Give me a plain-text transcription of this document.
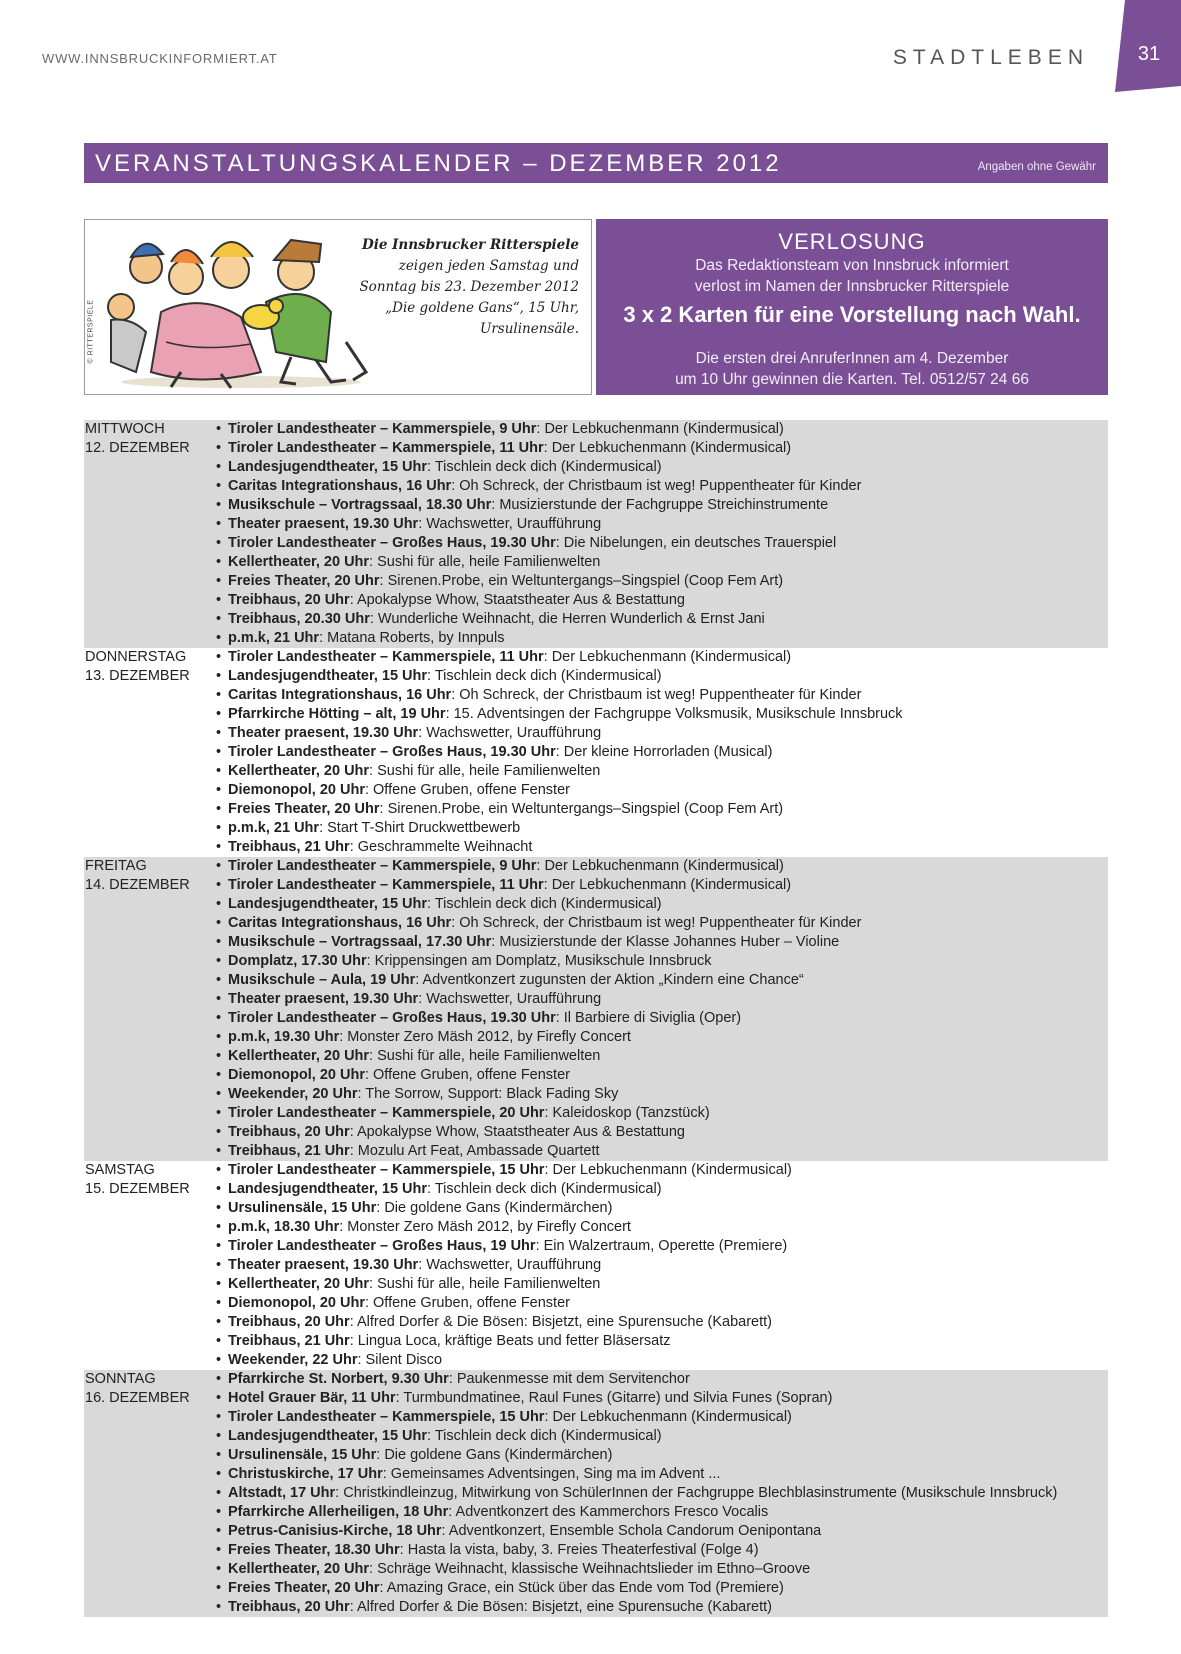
WWW.INNSBRUCKINFORMIERT.AT	STADTLEBEN	31
VERANSTALTUNGSKALENDER – DEZEMBER 2012	Angaben ohne Gewähr
© RITTERSPIELE
Die Innsbrucker Ritterspiele
zeigen jeden Samstag und
Sonntag bis 23. Dezember 2012
„Die goldene Gans“, 15 Uhr,
Ursulinensäle.
VERLOSUNG
Das Redaktionsteam von Innsbruck informiert
verlost im Namen der Innsbrucker Ritterspiele
3 x 2 Karten für eine Vorstellung nach Wahl.
Die ersten drei AnruferInnen am 4. Dezember
um 10 Uhr gewinnen die Karten. Tel. 0512/57 24 66
MITTWOCH
12. DEZEMBER
• Tiroler Landestheater – Kammerspiele, 9 Uhr: Der Lebkuchenmann (Kindermusical)
• Tiroler Landestheater – Kammerspiele, 11 Uhr: Der Lebkuchenmann (Kindermusical)
• Landesjugendtheater, 15 Uhr: Tischlein deck dich (Kindermusical)
• Caritas Integrationshaus, 16 Uhr: Oh Schreck, der Christbaum ist weg! Puppentheater für Kinder
• Musikschule – Vortragssaal, 18.30 Uhr: Musizierstunde der Fachgruppe Streichinstrumente
• Theater praesent, 19.30 Uhr: Wachswetter, Uraufführung
• Tiroler Landestheater – Großes Haus, 19.30 Uhr: Die Nibelungen, ein deutsches Trauerspiel
• Kellertheater, 20 Uhr: Sushi für alle, heile Familienwelten
• Freies Theater, 20 Uhr: Sirenen.Probe, ein Weltuntergangs–Singspiel (Coop Fem Art)
• Treibhaus, 20 Uhr: Apokalypse Whow, Staatstheater Aus & Bestattung
• Treibhaus, 20.30 Uhr: Wunderliche Weihnacht, die Herren Wunderlich & Ernst Jani
• p.m.k, 21 Uhr: Matana Roberts, by Innpuls
DONNERSTAG
13. DEZEMBER
• Tiroler Landestheater – Kammerspiele, 11 Uhr: Der Lebkuchenmann (Kindermusical)
• Landesjugendtheater, 15 Uhr: Tischlein deck dich (Kindermusical)
• Caritas Integrationshaus, 16 Uhr: Oh Schreck, der Christbaum ist weg! Puppentheater für Kinder
• Pfarrkirche Hötting – alt, 19 Uhr: 15. Adventsingen der Fachgruppe Volksmusik, Musikschule Innsbruck
• Theater praesent, 19.30 Uhr: Wachswetter, Uraufführung
• Tiroler Landestheater – Großes Haus, 19.30 Uhr: Der kleine Horrorladen (Musical)
• Kellertheater, 20 Uhr: Sushi für alle, heile Familienwelten
• Diemonopol, 20 Uhr: Offene Gruben, offene Fenster
• Freies Theater, 20 Uhr: Sirenen.Probe, ein Weltuntergangs–Singspiel (Coop Fem Art)
• p.m.k, 21 Uhr: Start T-Shirt Druckwettbewerb
• Treibhaus, 21 Uhr: Geschrammelte Weihnacht
FREITAG
14. DEZEMBER
• Tiroler Landestheater – Kammerspiele, 9 Uhr: Der Lebkuchenmann (Kindermusical)
• Tiroler Landestheater – Kammerspiele, 11 Uhr: Der Lebkuchenmann (Kindermusical)
• Landesjugendtheater, 15 Uhr: Tischlein deck dich (Kindermusical)
• Caritas Integrationshaus, 16 Uhr: Oh Schreck, der Christbaum ist weg! Puppentheater für Kinder
• Musikschule – Vortragssaal, 17.30 Uhr: Musizierstunde der Klasse Johannes Huber – Violine
• Domplatz, 17.30 Uhr: Krippensingen am Domplatz, Musikschule Innsbruck
• Musikschule – Aula, 19 Uhr: Adventkonzert zugunsten der Aktion „Kindern eine Chance“
• Theater praesent, 19.30 Uhr: Wachswetter, Uraufführung
• Tiroler Landestheater – Großes Haus, 19.30 Uhr: Il Barbiere di Siviglia (Oper)
• p.m.k, 19.30 Uhr: Monster Zero Mäsh 2012, by Firefly Concert
• Kellertheater, 20 Uhr: Sushi für alle, heile Familienwelten
• Diemonopol, 20 Uhr: Offene Gruben, offene Fenster
• Weekender, 20 Uhr: The Sorrow, Support: Black Fading Sky
• Tiroler Landestheater – Kammerspiele, 20 Uhr: Kaleidoskop (Tanzstück)
• Treibhaus, 20 Uhr: Apokalypse Whow, Staatstheater Aus & Bestattung
• Treibhaus, 21 Uhr: Mozulu Art Feat, Ambassade Quartett
SAMSTAG
15. DEZEMBER
• Tiroler Landestheater – Kammerspiele, 15 Uhr: Der Lebkuchenmann (Kindermusical)
• Landesjugendtheater, 15 Uhr: Tischlein deck dich (Kindermusical)
• Ursulinensäle, 15 Uhr: Die goldene Gans (Kindermärchen)
• p.m.k, 18.30 Uhr: Monster Zero Mäsh 2012, by Firefly Concert
• Tiroler Landestheater – Großes Haus, 19 Uhr: Ein Walzertraum, Operette (Premiere)
• Theater praesent, 19.30 Uhr: Wachswetter, Uraufführung
• Kellertheater, 20 Uhr: Sushi für alle, heile Familienwelten
• Diemonopol, 20 Uhr: Offene Gruben, offene Fenster
• Treibhaus, 20 Uhr: Alfred Dorfer & Die Bösen: Bisjetzt, eine Spurensuche (Kabarett)
• Treibhaus, 21 Uhr: Lingua Loca, kräftige Beats und fetter Bläsersatz
• Weekender, 22 Uhr: Silent Disco
SONNTAG
16. DEZEMBER
• Pfarrkirche St. Norbert, 9.30 Uhr: Paukenmesse mit dem Servitenchor
• Hotel Grauer Bär, 11 Uhr: Turmbundmatinee, Raul Funes (Gitarre) und Silvia Funes (Sopran)
• Tiroler Landestheater – Kammerspiele, 15 Uhr: Der Lebkuchenmann (Kindermusical)
• Landesjugendtheater, 15 Uhr: Tischlein deck dich (Kindermusical)
• Ursulinensäle, 15 Uhr: Die goldene Gans (Kindermärchen)
• Christuskirche, 17 Uhr: Gemeinsames Adventsingen, Sing ma im Advent ...
• Altstadt, 17 Uhr: Christkindleinzug, Mitwirkung von SchülerInnen der Fachgruppe Blechblasinstrumente (Musikschule Innsbruck)
• Pfarrkirche Allerheiligen, 18 Uhr: Adventkonzert des Kammerchors Fresco Vocalis
• Petrus-Canisius-Kirche, 18 Uhr: Adventkonzert, Ensemble Schola Candorum Oenipontana
• Freies Theater, 18.30 Uhr: Hasta la vista, baby, 3. Freies Theaterfestival (Folge 4)
• Kellertheater, 20 Uhr: Schräge Weihnacht, klassische Weihnachtslieder im Ethno–Groove
• Freies Theater, 20 Uhr: Amazing Grace, ein Stück über das Ende vom Tod (Premiere)
• Treibhaus, 20 Uhr: Alfred Dorfer & Die Bösen: Bisjetzt, eine Spurensuche (Kabarett)
